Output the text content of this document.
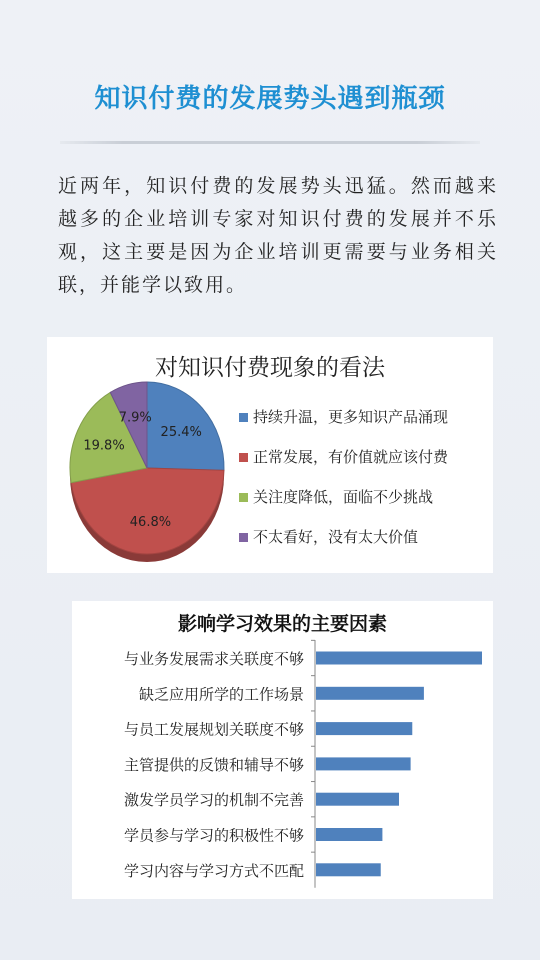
知识付费的发展势头遇到瓶颈
近两年，知识付费的发展势头迅猛。然而越来越多的企业培训专家对知识付费的发展并不乐观，这主要是因为企业培训更需要与业务相关联，并能学以致用。
对知识付费现象的看法
25.4%
46.8%
19.8%
7.9%	持续升温，更多知识产品涌现
正常发展，有价值就应该付费
关注度降低，面临不少挑战
不太看好，没有太大价值
影响学习效果的主要因素
与业务发展需求关联度不够
缺乏应用所学的工作场景
与员工发展规划关联度不够
主管提供的反馈和辅导不够
激发学员学习的机制不完善
学员参与学习的积极性不够
学习内容与学习方式不匹配
